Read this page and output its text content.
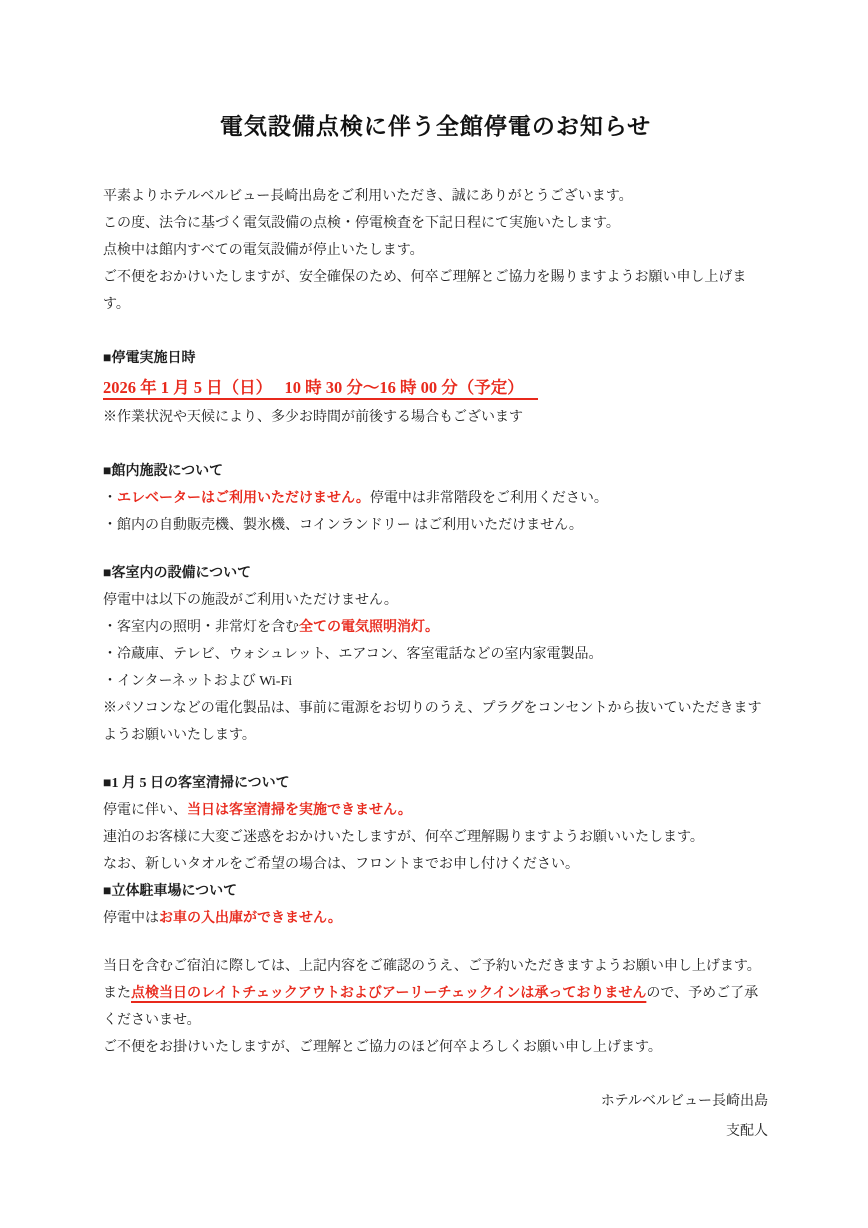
電気設備点検に伴う全館停電のお知らせ

平素よりホテルベルビュー長崎出島をご利用いただき、誠にありがとうございます。

この度、法令に基づく電気設備の点検・停電検査を下記日程にて実施いたします。

点検中は館内すべての電気設備が停止いたします。

ご不便をおかけいたしますが、安全確保のため、何卒ご理解とご協力を賜りますようお願い申し上げます。

■停電実施日時

2026 年 1 月 5 日（日）　 10 時 30 分～16 時 00 分（予定）

※作業状況や天候により、多少お時間が前後する場合もございます

■館内施設について

・エレベーターはご利用いただけません。停電中は非常階段をご利用ください。

・館内の自動販売機、製氷機、コインランドリー はご利用いただけません。

■客室内の設備について

停電中は以下の施設がご利用いただけません。

・客室内の照明・非常灯を含む全ての電気照明消灯。

・冷蔵庫、テレビ、ウォシュレット、エアコン、客室電話などの室内家電製品。

・インターネットおよび Wi-Fi

※パソコンなどの電化製品は、事前に電源をお切りのうえ、プラグをコンセントから抜いていただきますようお願いいたします。

■1 月 5 日の客室清掃について

停電に伴い、当日は客室清掃を実施できません。

連泊のお客様に大変ご迷惑をおかけいたしますが、何卒ご理解賜りますようお願いいたします。

なお、新しいタオルをご希望の場合は、フロントまでお申し付けください。

■立体駐車場について

停電中はお車の入出庫ができません。

当日を含むご宿泊に際しては、上記内容をご確認のうえ、ご予約いただきますようお願い申し上げます。

また点検当日のレイトチェックアウトおよびアーリーチェックインは承っておりませんので、予めご了承くださいませ。

ご不便をお掛けいたしますが、ご理解とご協力のほど何卒よろしくお願い申し上げます。

ホテルベルビュー長崎出島

支配人
